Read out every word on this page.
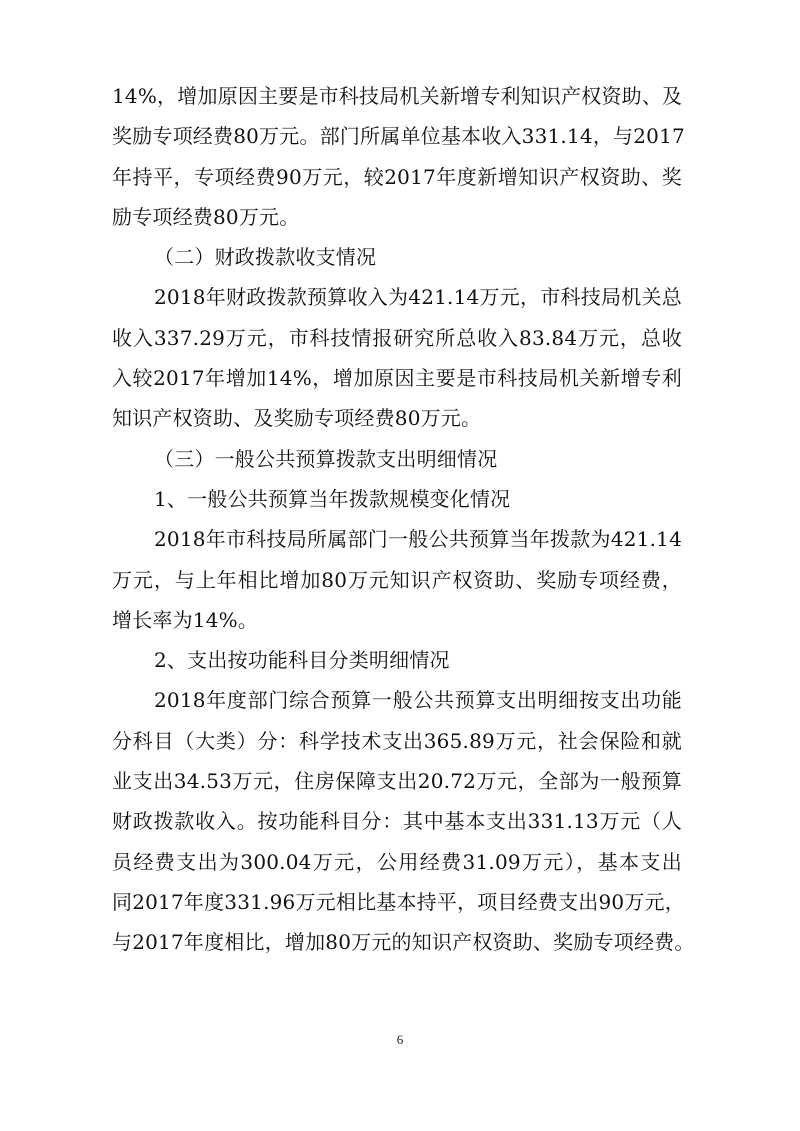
14%，增加原因主要是市科技局机关新增专利知识产权资助、及
奖励专项经费80万元。部门所属单位基本收入331.14，与2017
年持平，专项经费90万元，较2017年度新增知识产权资助、奖
励专项经费80万元。
（二）财政拨款收支情况
2018年财政拨款预算收入为421.14万元，市科技局机关总
收入337.29万元，市科技情报研究所总收入83.84万元，总收
入较2017年增加14%，增加原因主要是市科技局机关新增专利
知识产权资助、及奖励专项经费80万元。
（三）一般公共预算拨款支出明细情况
1、一般公共预算当年拨款规模变化情况
2018年市科技局所属部门一般公共预算当年拨款为421.14
万元，与上年相比增加80万元知识产权资助、奖励专项经费，
增长率为14%。
2、支出按功能科目分类明细情况
2018年度部门综合预算一般公共预算支出明细按支出功能
分科目（大类）分：科学技术支出365.89万元，社会保险和就
业支出34.53万元，住房保障支出20.72万元，全部为一般预算
财政拨款收入。按功能科目分：其中基本支出331.13万元（人
员经费支出为300.04万元，公用经费31.09万元），基本支出
同2017年度331.96万元相比基本持平，项目经费支出90万元，
与2017年度相比，增加80万元的知识产权资助、奖励专项经费。
6
